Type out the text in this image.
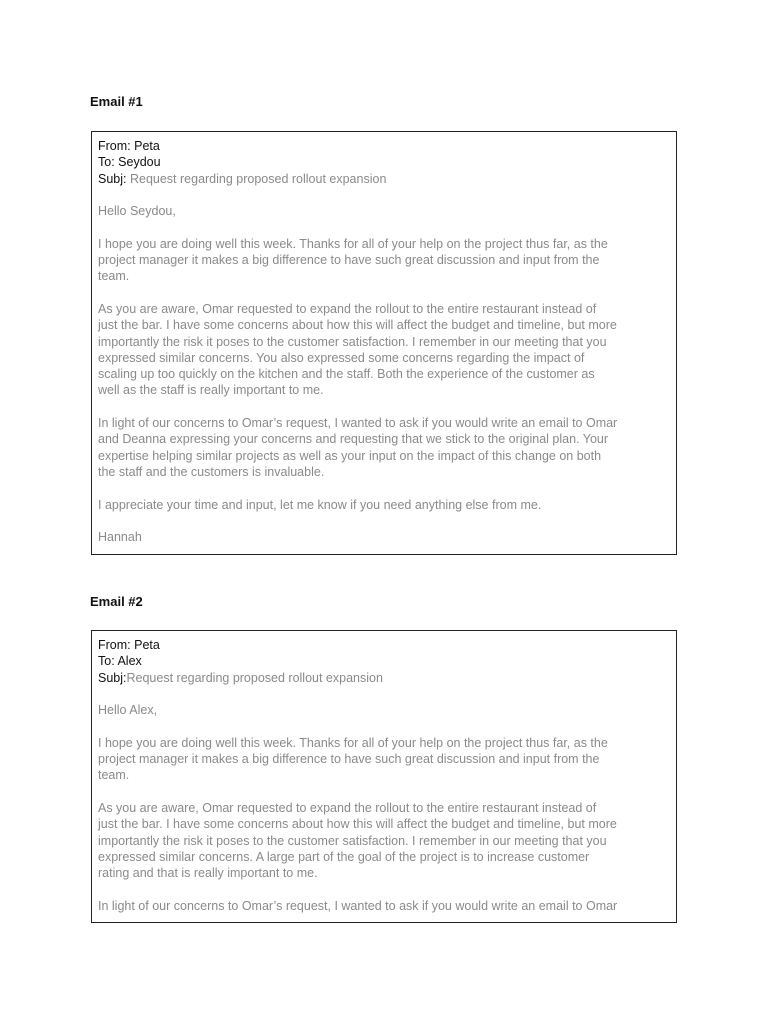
Email #1
From: Peta
To: Seydou
Subj: Request regarding proposed rollout expansion
Hello Seydou,
I hope you are doing well this week. Thanks for all of your help on the project thus far, as the
project manager it makes a big difference to have such great discussion and input from the
team.
As you are aware, Omar requested to expand the rollout to the entire restaurant instead of
just the bar. I have some concerns about how this will affect the budget and timeline, but more
importantly the risk it poses to the customer satisfaction. I remember in our meeting that you
expressed similar concerns. You also expressed some concerns regarding the impact of
scaling up too quickly on the kitchen and the staff. Both the experience of the customer as
well as the staff is really important to me.
In light of our concerns to Omar’s request, I wanted to ask if you would write an email to Omar
and Deanna expressing your concerns and requesting that we stick to the original plan. Your
expertise helping similar projects as well as your input on the impact of this change on both
the staff and the customers is invaluable.
I appreciate your time and input, let me know if you need anything else from me.
Hannah
Email #2
From: Peta
To: Alex
Subj:Request regarding proposed rollout expansion
Hello Alex,
I hope you are doing well this week. Thanks for all of your help on the project thus far, as the
project manager it makes a big difference to have such great discussion and input from the
team.
As you are aware, Omar requested to expand the rollout to the entire restaurant instead of
just the bar. I have some concerns about how this will affect the budget and timeline, but more
importantly the risk it poses to the customer satisfaction. I remember in our meeting that you
expressed similar concerns. A large part of the goal of the project is to increase customer
rating and that is really important to me.
In light of our concerns to Omar’s request, I wanted to ask if you would write an email to Omar
